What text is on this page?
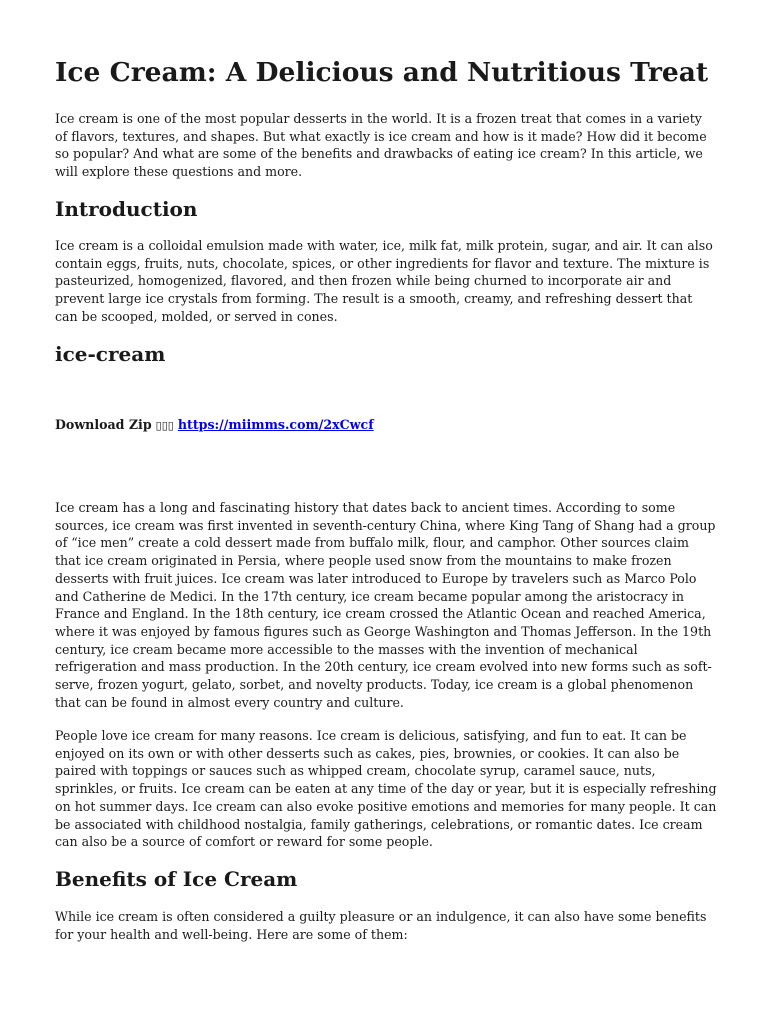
Ice Cream: A Delicious and Nutritious Treat

Ice cream is one of the most popular desserts in the world. It is a frozen treat that comes in a variety of flavors, textures, and shapes. But what exactly is ice cream and how is it made? How did it become so popular? And what are some of the benefits and drawbacks of eating ice cream? In this article, we will explore these questions and more.

Introduction

Ice cream is a colloidal emulsion made with water, ice, milk fat, milk protein, sugar, and air. It can also contain eggs, fruits, nuts, chocolate, spices, or other ingredients for flavor and texture. The mixture is pasteurized, homogenized, flavored, and then frozen while being churned to incorporate air and prevent large ice crystals from forming. The result is a smooth, creamy, and refreshing dessert that can be scooped, molded, or served in cones.

ice-cream
Download Zip ▯▯▯ https://miimms.com/2xCwcf

Ice cream has a long and fascinating history that dates back to ancient times. According to some sources, ice cream was first invented in seventh-century China, where King Tang of Shang had a group of “ice men” create a cold dessert made from buffalo milk, flour, and camphor. Other sources claim that ice cream originated in Persia, where people used snow from the mountains to make frozen desserts with fruit juices. Ice cream was later introduced to Europe by travelers such as Marco Polo and Catherine de Medici. In the 17th century, ice cream became popular among the aristocracy in France and England. In the 18th century, ice cream crossed the Atlantic Ocean and reached America, where it was enjoyed by famous figures such as George Washington and Thomas Jefferson. In the 19th century, ice cream became more accessible to the masses with the invention of mechanical refrigeration and mass production. In the 20th century, ice cream evolved into new forms such as soft-serve, frozen yogurt, gelato, sorbet, and novelty products. Today, ice cream is a global phenomenon that can be found in almost every country and culture.

People love ice cream for many reasons. Ice cream is delicious, satisfying, and fun to eat. It can be enjoyed on its own or with other desserts such as cakes, pies, brownies, or cookies. It can also be paired with toppings or sauces such as whipped cream, chocolate syrup, caramel sauce, nuts, sprinkles, or fruits. Ice cream can be eaten at any time of the day or year, but it is especially refreshing on hot summer days. Ice cream can also evoke positive emotions and memories for many people. It can be associated with childhood nostalgia, family gatherings, celebrations, or romantic dates. Ice cream can also be a source of comfort or reward for some people.

Benefits of Ice Cream

While ice cream is often considered a guilty pleasure or an indulgence, it can also have some benefits for your health and well-being. Here are some of them:
